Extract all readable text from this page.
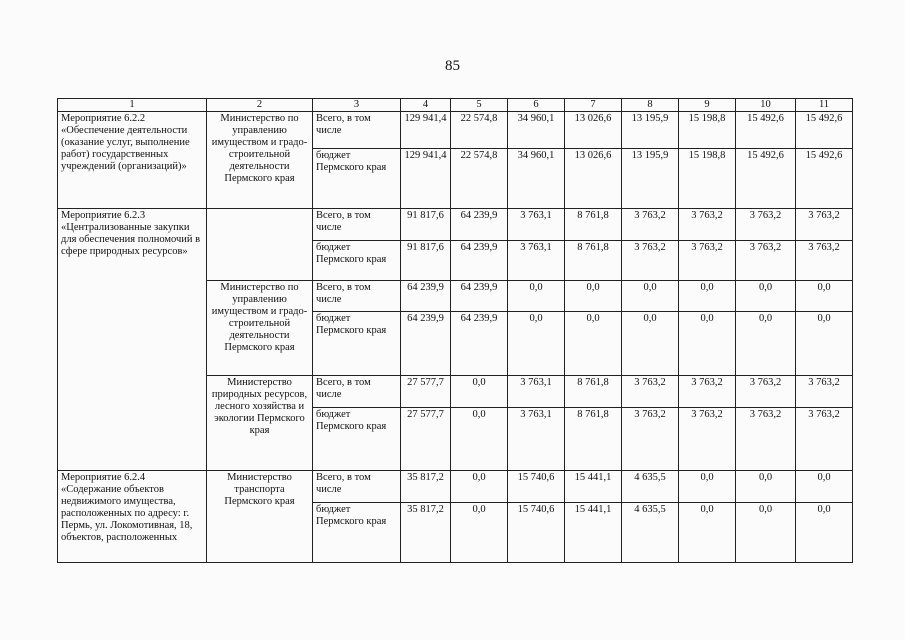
85
1	2	3	4	5	6	7	8	9	10	11
Мероприятие 6.2.2 «Обеспечение деятельности (оказание услуг, выполнение работ) государственных учреждений (организаций)»	Министерство по управлению имуществом и градо-строительной деятельности Пермского края	Всего, в том числе	129 941,4	22 574,8	34 960,1	13 026,6	13 195,9	15 198,8	15 492,6	15 492,6
		бюджет Пермского края	129 941,4	22 574,8	34 960,1	13 026,6	13 195,9	15 198,8	15 492,6	15 492,6
Мероприятие 6.2.3 «Централизованные закупки для обеспечения полномочий в сфере природных ресурсов»		Всего, в том числе	91 817,6	64 239,9	3 763,1	8 761,8	3 763,2	3 763,2	3 763,2	3 763,2
		бюджет Пермского края	91 817,6	64 239,9	3 763,1	8 761,8	3 763,2	3 763,2	3 763,2	3 763,2
	Министерство по управлению имуществом и градо-строительной деятельности Пермского края	Всего, в том числе	64 239,9	64 239,9	0,0	0,0	0,0	0,0	0,0	0,0
		бюджет Пермского края	64 239,9	64 239,9	0,0	0,0	0,0	0,0	0,0	0,0
	Министерство природных ресурсов, лесного хозяйства и экологии Пермского края	Всего, в том числе	27 577,7	0,0	3 763,1	8 761,8	3 763,2	3 763,2	3 763,2	3 763,2
		бюджет Пермского края	27 577,7	0,0	3 763,1	8 761,8	3 763,2	3 763,2	3 763,2	3 763,2
Мероприятие 6.2.4 «Содержание объектов недвижимого имущества, расположенных по адресу: г. Пермь, ул. Локомотивная, 18, объектов, расположенных	Министерство транспорта Пермского края	Всего, в том числе	35 817,2	0,0	15 740,6	15 441,1	4 635,5	0,0	0,0	0,0
		бюджет Пермского края	35 817,2	0,0	15 740,6	15 441,1	4 635,5	0,0	0,0	0,0
